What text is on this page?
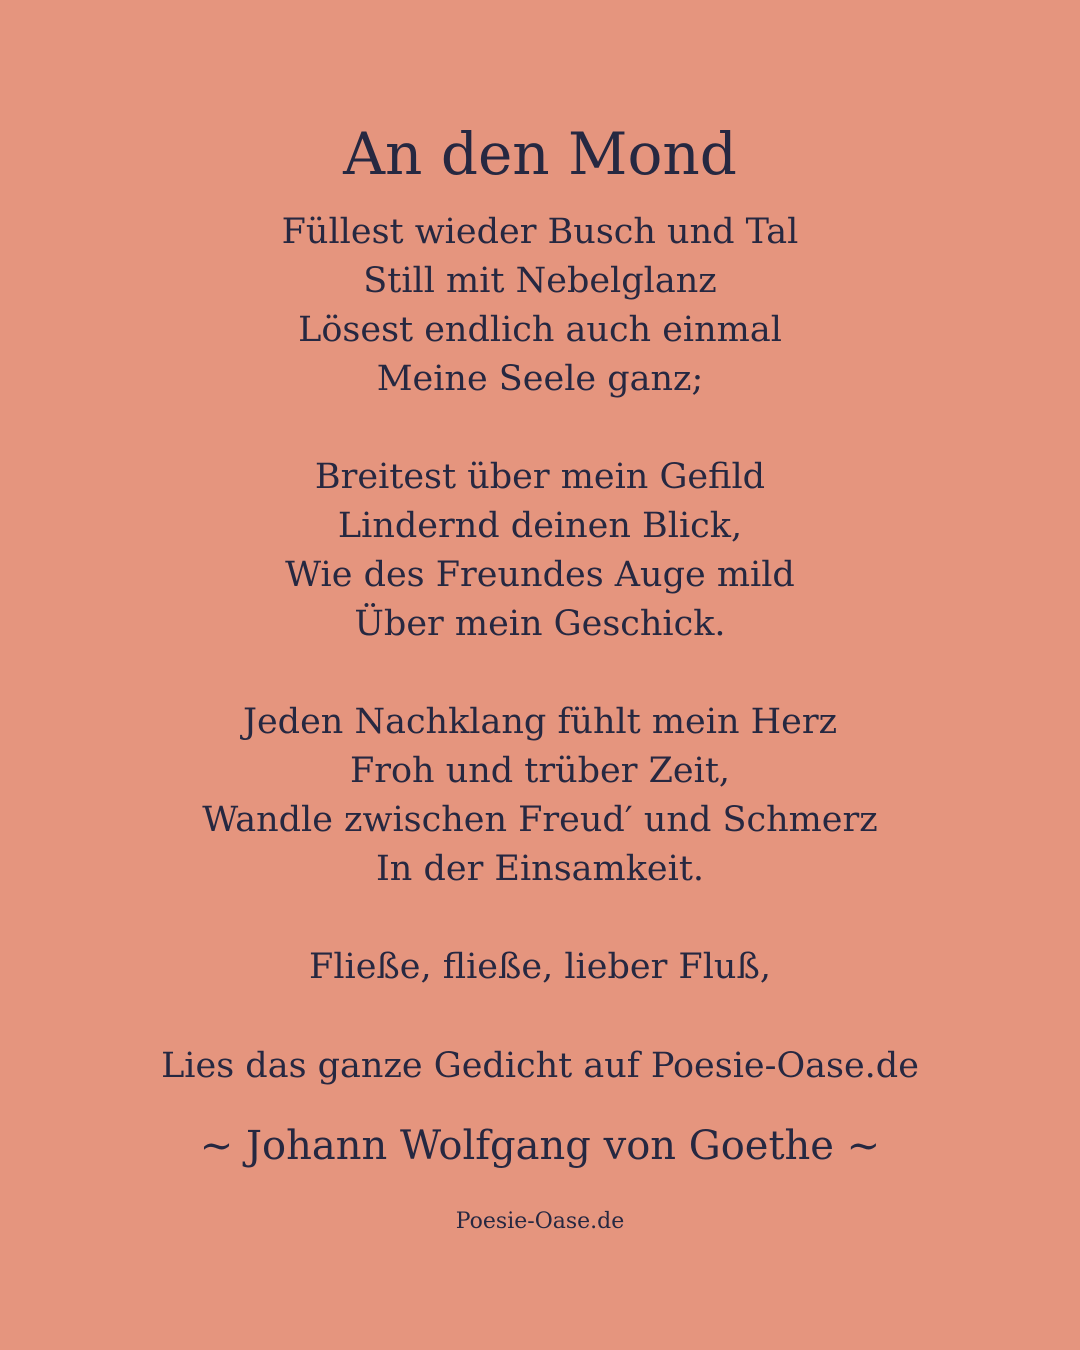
An den Mond
Füllest wieder Busch und Tal
Still mit Nebelglanz
Lösest endlich auch einmal
Meine Seele ganz;
Breitest über mein Gefild
Lindernd deinen Blick,
Wie des Freundes Auge mild
Über mein Geschick.
Jeden Nachklang fühlt mein Herz
Froh und trüber Zeit,
Wandle zwischen Freud′ und Schmerz
In der Einsamkeit.
Fließe, fließe, lieber Fluß,
Lies das ganze Gedicht auf Poesie-Oase.de
~ Johann Wolfgang von Goethe ~
Poesie-Oase.de
